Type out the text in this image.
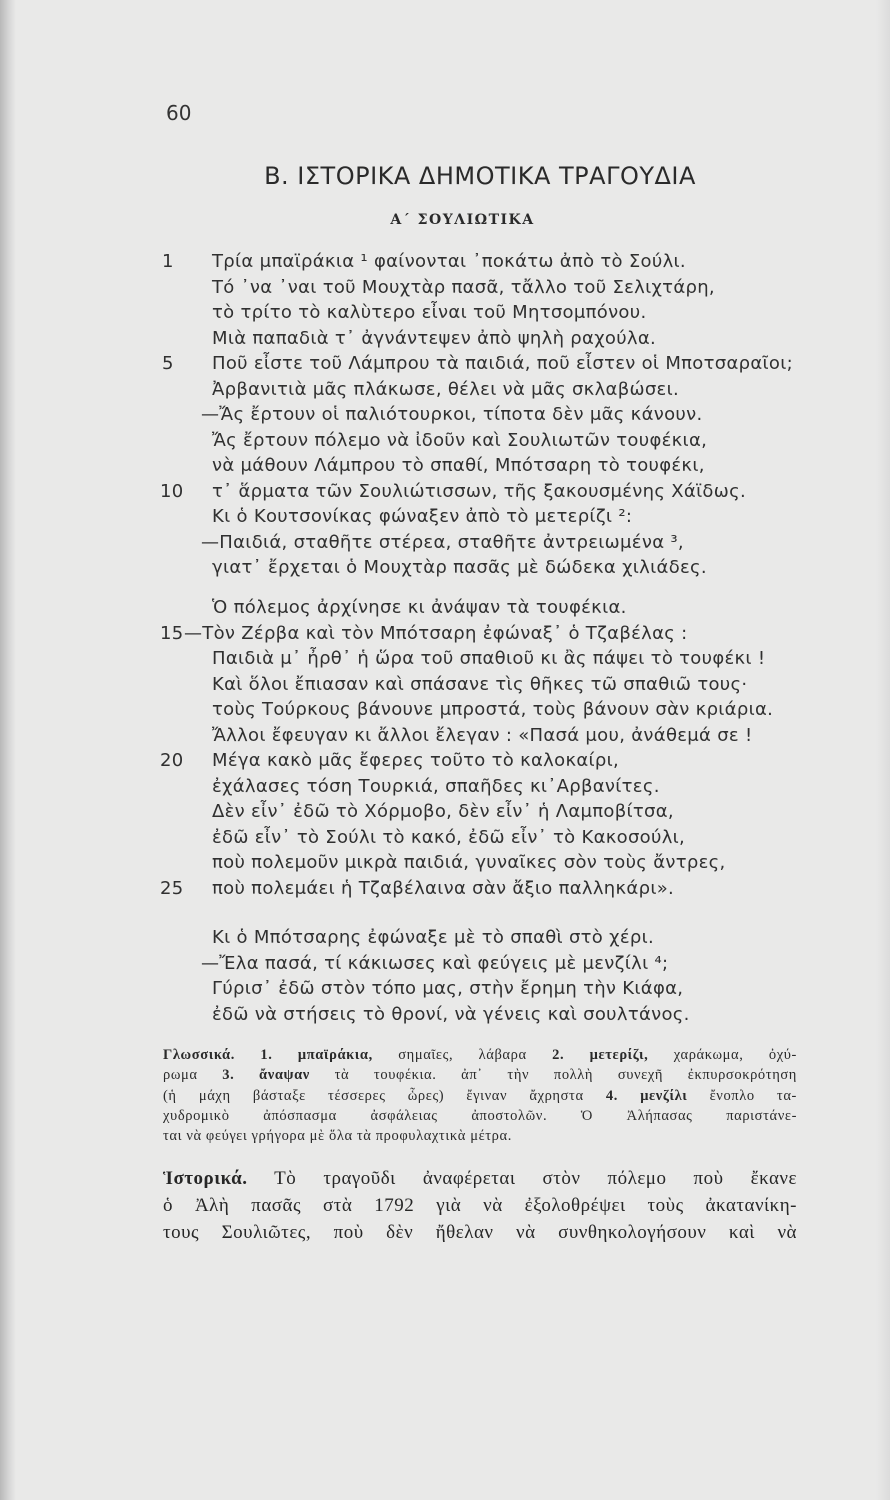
60
Β. ΙΣΤΟΡΙΚΑ ΔΗΜΟΤΙΚΑ ΤΡΑΓΟΥΔΙΑ
Α΄ ΣΟΥΛΙΩΤΙΚΑ
1 Τρία μπαϊράκια ¹ φαίνονται ᾽ποκάτω ἀπὸ τὸ Σούλι.
Τό ᾽να ᾽ναι τοῦ Μουχτὰρ πασᾶ, τἄλλο τοῦ Σελιχτάρη,
τὸ τρίτο τὸ καλὺτερο εἶναι τοῦ Μητσομπόνου.
Μιὰ παπαδιὰ τ᾽ ἀγνάντεψεν ἀπὸ ψηλὴ ραχούλα.
5 Ποῦ εἶστε τοῦ Λάμπρου τὰ παιδιά, ποῦ εἶστεν οἱ Μποτσαραῖοι;
Ἀρβανιτιὰ μᾶς πλάκωσε, θέλει νὰ μᾶς σκλαβώσει.
—Ἄς ἔρτουν οἱ παλιότουρκοι, τίποτα δὲν μᾶς κάνουν.
Ἄς ἔρτουν πόλεμο νὰ ἰδοῦν καὶ Σουλιωτῶν τουφέκια,
νὰ μάθουν Λάμπρου τὸ σπαθί, Μπότσαρη τὸ τουφέκι,
10 τ᾽ ἅρματα τῶν Σουλιώτισσων, τῆς ξακουσμένης Χάϊδως.
Κι ὁ Κουτσονίκας φώναξεν ἀπὸ τὸ μετερίζι ²:
—Παιδιά, σταθῆτε στέρεα, σταθῆτε ἀντρειωμένα ³,
γιατ᾽ ἔρχεται ὁ Μουχτὰρ πασᾶς μὲ δώδεκα χιλιάδες.
Ὁ πόλεμος ἀρχίνησε κι ἀνάψαν τὰ τουφέκια.
15 —Τὸν Ζέρβα καὶ τὸν Μπότσαρη ἐφώναξ᾽ ὁ Τζαβέλας :
Παιδιὰ μ᾽ ἦρθ᾽ ἡ ὥρα τοῦ σπαθιοῦ κι ἂς πάψει τὸ τουφέκι !
Καὶ ὅλοι ἔπιασαν καὶ σπάσανε τὶς θῆκες τῶ σπαθιῶ τους·
τοὺς Τούρκους βάνουνε μπροστά, τοὺς βάνουν σὰν κριάρια.
Ἄλλοι ἔφευγαν κι ἄλλοι ἔλεγαν : «Πασά μου, ἀνάθεμά σε !
20 Μέγα κακὸ μᾶς ἔφερες τοῦτο τὸ καλοκαίρι,
ἐχάλασες τόση Τουρκιά, σπαῆδες κι᾽Αρβανίτες.
Δὲν εἶν᾽ ἐδῶ τὸ Χόρμοβο, δὲν εἶν᾽ ἡ Λαμποβίτσα,
ἐδῶ εἶν᾽ τὸ Σούλι τὸ κακό, ἐδῶ εἶν᾽ τὸ Κακοσούλι,
ποὺ πολεμοῦν μικρὰ παιδιά, γυναῖκες σὸν τοὺς ἄντρες,
25 ποὺ πολεμάει ἡ Τζαβέλαινα σὰν ἄξιο παλληκάρι».
Κι ὁ Μπότσαρης ἐφώναξε μὲ τὸ σπαθὶ στὸ χέρι.
—Ἔλα πασά, τί κάκιωσες καὶ φεύγεις μὲ μενζίλι ⁴;
Γύρισ᾽ ἐδῶ στὸν τόπο μας, στὴν ἔρημη τὴν Κιάφα,
ἐδῶ νὰ στήσεις τὸ θρονί, νὰ γένεις καὶ σουλτάνος.
Γλωσσικά. 1. μπαϊράκια, σημαῖες, λάβαρα 2. μετερίζι, χαράκωμα, ὀχύ-
ρωμα 3. ἄναψαν τὰ τουφέκια. ἀπ᾽ τὴν πολλὴ συνεχῆ ἐκπυρσοκρότηση
(ἡ μάχη βάσταξε τέσσερες ὧρες) ἔγιναν ἄχρηστα 4. μενζίλι ἔνοπλο τα-
χυδρομικὸ ἀπόσπασμα ἀσφάλειας ἀποστολῶν. Ὁ Ἀλήπασας παριστάνε-
ται νὰ φεύγει γρήγορα μὲ ὅλα τὰ προφυλαχτικὰ μέτρα.
Ἱστορικά. Τὸ τραγοῦδι ἀναφέρεται στὸν πόλεμο ποὺ ἔκανε
ὁ Ἀλὴ πασᾶς στὰ 1792 γιὰ νὰ ἐξολοθρέψει τοὺς ἀκατανίκη-
τους Σουλιῶτες, ποὺ δὲν ἤθελαν νὰ συνθηκολογήσουν καὶ νὰ
